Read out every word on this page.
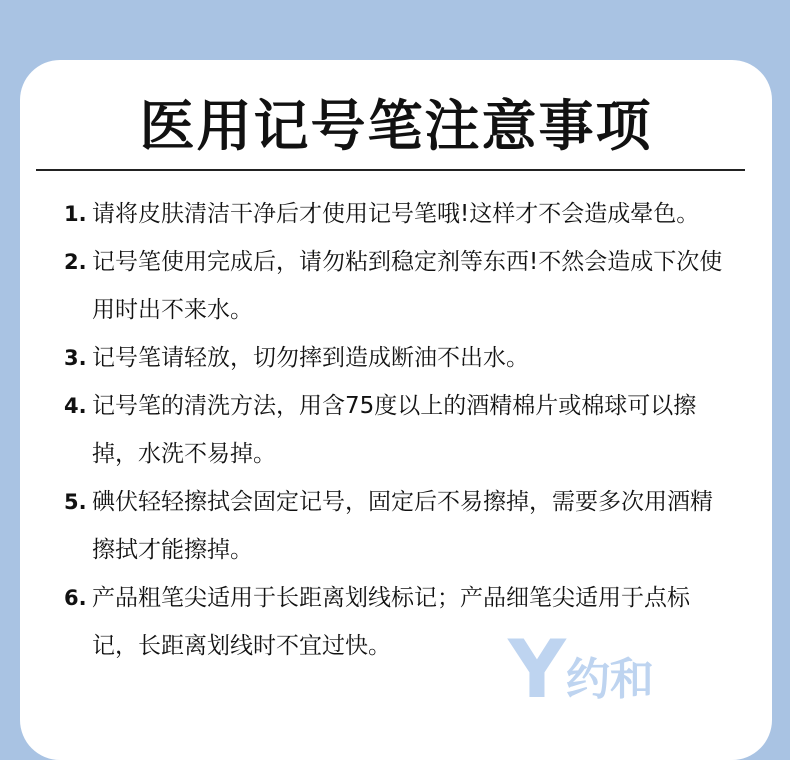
医用记号笔注意事项
1. 请将皮肤清洁干净后才使用记号笔哦!这样才不会造成晕色。
2. 记号笔使用完成后，请勿粘到稳定剂等东西!不然会造成下次使用时出不来水。
3. 记号笔请轻放，切勿摔到造成断油不出水。
4. 记号笔的清洗方法，用含75度以上的酒精棉片或棉球可以擦掉，水洗不易掉。
5. 碘伏轻轻擦拭会固定记号，固定后不易擦掉，需要多次用酒精擦拭才能擦掉。
6. 产品粗笔尖适用于长距离划线标记；产品细笔尖适用于点标记，长距离划线时不宜过快。	Y约和
